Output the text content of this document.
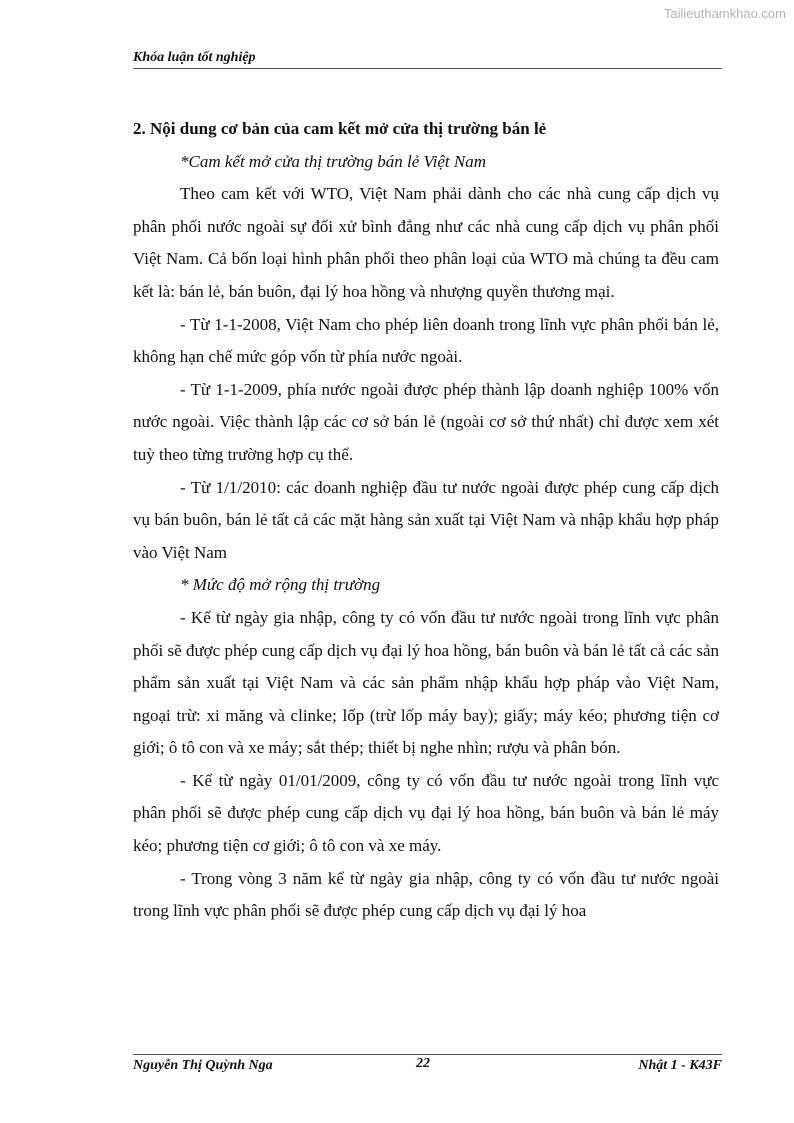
Tailieuthamkhao.com
Khóa luận tốt nghiệp

2. Nội dung cơ bản của cam kết mở cửa thị trường bán lẻ

*Cam kết mở cửa thị trường bán lẻ Việt Nam

Theo cam kết với WTO, Việt Nam phải dành cho các nhà cung cấp dịch vụ phân phối nước ngoài sự đối xử bình đẳng như các nhà cung cấp dịch vụ phân phối Việt Nam. Cả bốn loại hình phân phối theo phân loại của WTO mà chúng ta đều cam kết là: bán lẻ, bán buôn, đại lý hoa hồng và nhượng quyền thương mại.

- Từ 1-1-2008, Việt Nam cho phép liên doanh trong lĩnh vực phân phối bán lẻ, không hạn chế mức góp vốn từ phía nước ngoài.

- Từ 1-1-2009, phía nước ngoài được phép thành lập doanh nghiệp 100% vốn nước ngoài. Việc thành lập các cơ sở bán lẻ (ngoài cơ sở thứ nhất) chỉ được xem xét tuỳ theo từng trường hợp cụ thể.

- Từ 1/1/2010: các doanh nghiệp đầu tư nước ngoài được phép cung cấp dịch vụ bán buôn, bán lẻ tất cả các mặt hàng sản xuất tại Việt Nam và nhập khẩu hợp pháp vào Việt Nam

* Mức độ mở rộng thị trường

- Kể từ ngày gia nhập, công ty có vốn đầu tư nước ngoài trong lĩnh vực phân phối sẽ được phép cung cấp dịch vụ đại lý hoa hồng, bán buôn và bán lẻ tất cả các sản phẩm sản xuất tại Việt Nam và các sản phẩm nhập khẩu hợp pháp vào Việt Nam, ngoại trừ: xi măng và clinke; lốp (trừ lốp máy bay); giấy; máy kéo; phương tiện cơ giới; ô tô con và xe máy; sắt thép; thiết bị nghe nhìn; rượu và phân bón.

- Kể từ ngày 01/01/2009, công ty có vốn đầu tư nước ngoài trong lĩnh vực phân phối sẽ được phép cung cấp dịch vụ đại lý hoa hồng, bán buôn và bán lẻ máy kéo; phương tiện cơ giới; ô tô con và xe máy.

- Trong vòng 3 năm kể từ ngày gia nhập, công ty có vốn đầu tư nước ngoài trong lĩnh vực phân phối sẽ được phép cung cấp dịch vụ đại lý hoa

Nguyễn Thị Quỳnh Nga	22	Nhật 1 - K43F
